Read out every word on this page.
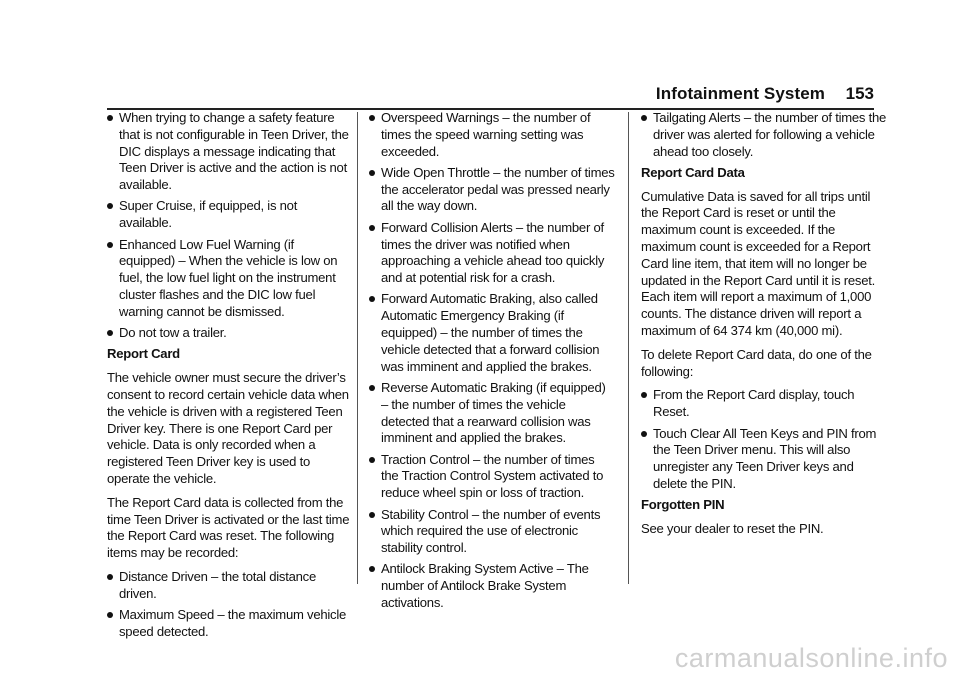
Infotainment System 153
When trying to change a safety feature that is not configurable in Teen Driver, the DIC displays a message indicating that Teen Driver is active and the action is not available.
Super Cruise, if equipped, is not available.
Enhanced Low Fuel Warning (if equipped) – When the vehicle is low on fuel, the low fuel light on the instrument cluster flashes and the DIC low fuel warning cannot be dismissed.
Do not tow a trailer.
Report Card
The vehicle owner must secure the driver’s consent to record certain vehicle data when the vehicle is driven with a registered Teen Driver key. There is one Report Card per vehicle. Data is only recorded when a registered Teen Driver key is used to operate the vehicle.
The Report Card data is collected from the time Teen Driver is activated or the last time the Report Card was reset. The following items may be recorded:
Distance Driven – the total distance driven.
Maximum Speed – the maximum vehicle speed detected.
Overspeed Warnings – the number of times the speed warning setting was exceeded.
Wide Open Throttle – the number of times the accelerator pedal was pressed nearly all the way down.
Forward Collision Alerts – the number of times the driver was notified when approaching a vehicle ahead too quickly and at potential risk for a crash.
Forward Automatic Braking, also called Automatic Emergency Braking (if equipped) – the number of times the vehicle detected that a forward collision was imminent and applied the brakes.
Reverse Automatic Braking (if equipped) – the number of times the vehicle detected that a rearward collision was imminent and applied the brakes.
Traction Control – the number of times the Traction Control System activated to reduce wheel spin or loss of traction.
Stability Control – the number of events which required the use of electronic stability control.
Antilock Braking System Active – The number of Antilock Brake System activations.
Tailgating Alerts – the number of times the driver was alerted for following a vehicle ahead too closely.
Report Card Data
Cumulative Data is saved for all trips until the Report Card is reset or until the maximum count is exceeded. If the maximum count is exceeded for a Report Card line item, that item will no longer be updated in the Report Card until it is reset. Each item will report a maximum of 1,000 counts. The distance driven will report a maximum of 64 374 km (40,000 mi).
To delete Report Card data, do one of the following:
From the Report Card display, touch Reset.
Touch Clear All Teen Keys and PIN from the Teen Driver menu. This will also unregister any Teen Driver keys and delete the PIN.
Forgotten PIN
See your dealer to reset the PIN.
carmanualsonline.info
